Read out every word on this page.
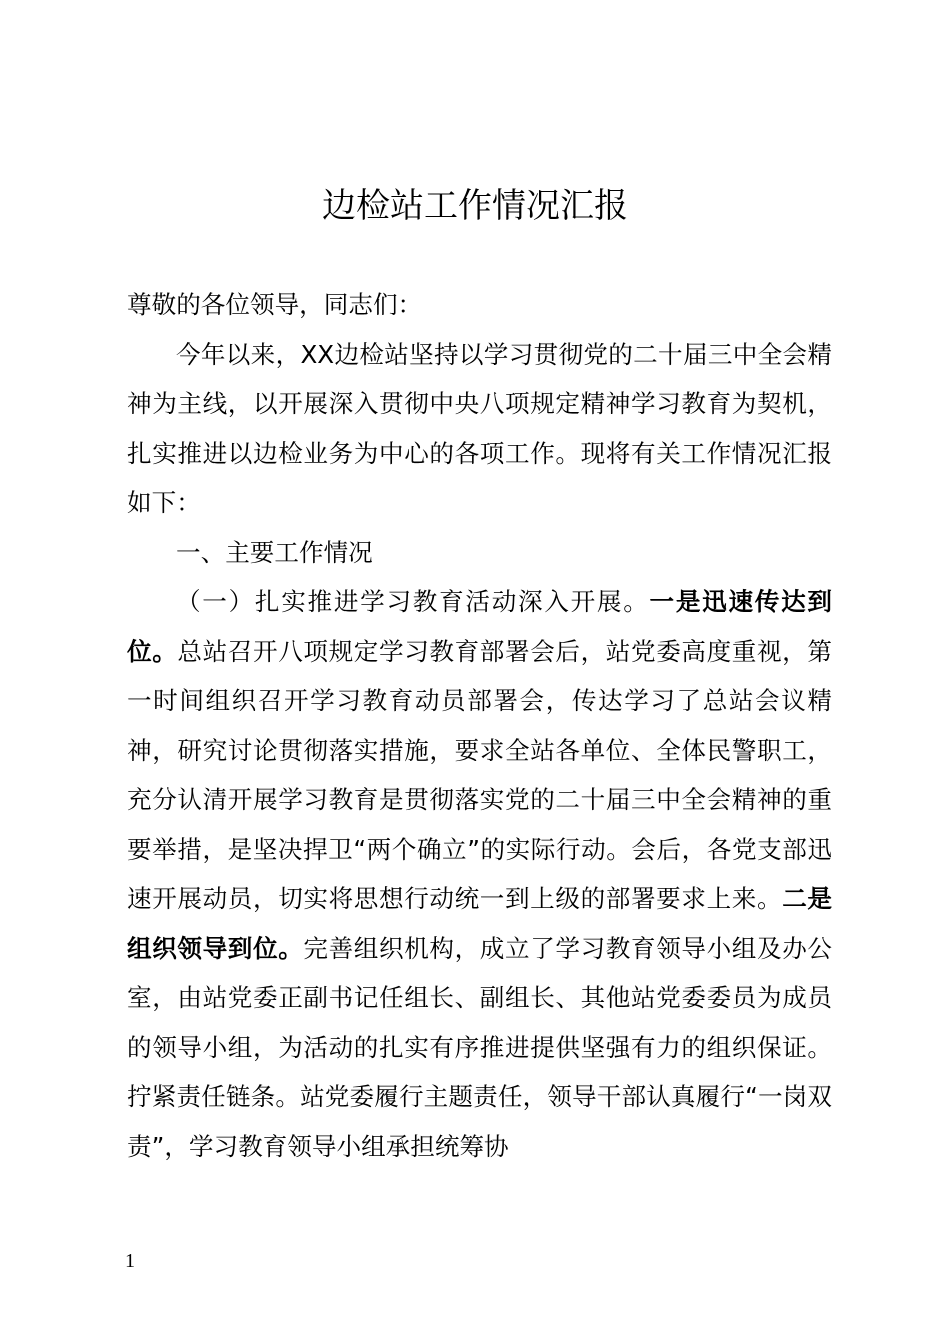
边检站工作情况汇报

尊敬的各位领导，同志们：

今年以来，XX边检站坚持以学习贯彻党的二十届三中全会精神为主线，以开展深入贯彻中央八项规定精神学习教育为契机，扎实推进以边检业务为中心的各项工作。现将有关工作情况汇报如下：

一、主要工作情况

（一）扎实推进学习教育活动深入开展。一是迅速传达到位。总站召开八项规定学习教育部署会后，站党委高度重视，第一时间组织召开学习教育动员部署会，传达学习了总站会议精神，研究讨论贯彻落实措施，要求全站各单位、全体民警职工，充分认清开展学习教育是贯彻落实党的二十届三中全会精神的重要举措，是坚决捍卫“两个确立”的实际行动。会后，各党支部迅速开展动员，切实将思想行动统一到上级的部署要求上来。二是组织领导到位。完善组织机构，成立了学习教育领导小组及办公室，由站党委正副书记任组长、副组长、其他站党委委员为成员的领导小组，为活动的扎实有序推进提供坚强有力的组织保证。拧紧责任链条。站党委履行主题责任，领导干部认真履行“一岗双责”，学习教育领导小组承担统筹协

1
